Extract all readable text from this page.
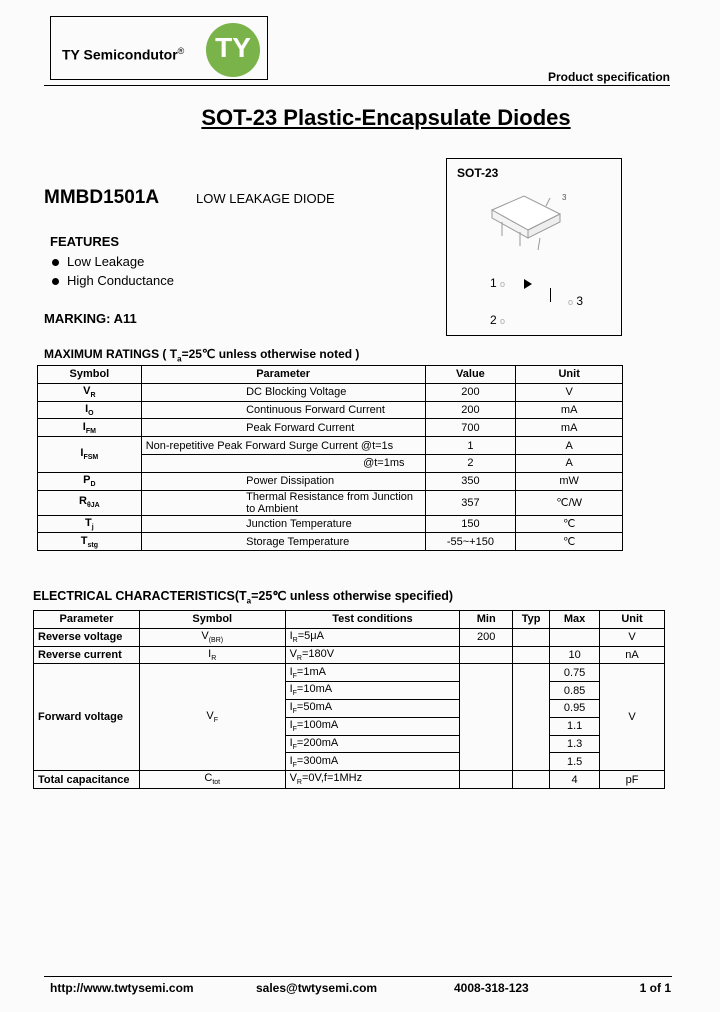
TY Semicondutor®	TY
Product specification
SOT-23 Plastic-Encapsulate Diodes
MMBD1501A	LOW LEAKAGE DIODE
FEATURES
Low Leakage
High Conductance
MARKING: A11
SOT-23
3
1 o
o 3
2 o
MAXIMUM RATINGS ( $T_a=25℃$ unless otherwise noted )
Symbol	Parameter		Value	Unit
$V_R$		DC Blocking Voltage	200	V
$I_O$		Continuous Forward Current	200	mA
$I_{FM}$		Peak Forward Current	700	mA
$I_{FSM}$	Non-repetitive Peak Forward Surge Current @t=1s		1	A
	@t=1ms		2	A
$P_D$		Power Dissipation	350	mW
$R_{\theta JA}$		Thermal Resistance from Junction to Ambient	357	℃/W
$T_j$		Junction Temperature	150	℃
$T_{stg}$		Storage Temperature	-55~+150	℃
ELECTRICAL $CHARACTERISTICS(T_a=25℃$ unless otherwise specified)
Parameter	Symbol	Test conditions	Min	Typ	Max	Unit
Reverse voltage	$V_{(BR)}$	$I_R=5\mu A$	200			V
Reverse current	$I_R$	$V_R=180V$			10	nA
Forward voltage	$V_F$	$I_F=1mA$			0.75	V
		$I_F=10mA$			0.85	
		$I_F=50mA$			0.95	
		$I_F=100mA$			1.1	
		$I_F=200mA$			1.3	
		$I_F=300mA$			1.5	
Total capacitance	$C_{tot}$	$V_R=0V,f=1MHz$			4	pF
http://www.twtysemi.com	sales@twtysemi.com	4008-318-123	1 of 1
